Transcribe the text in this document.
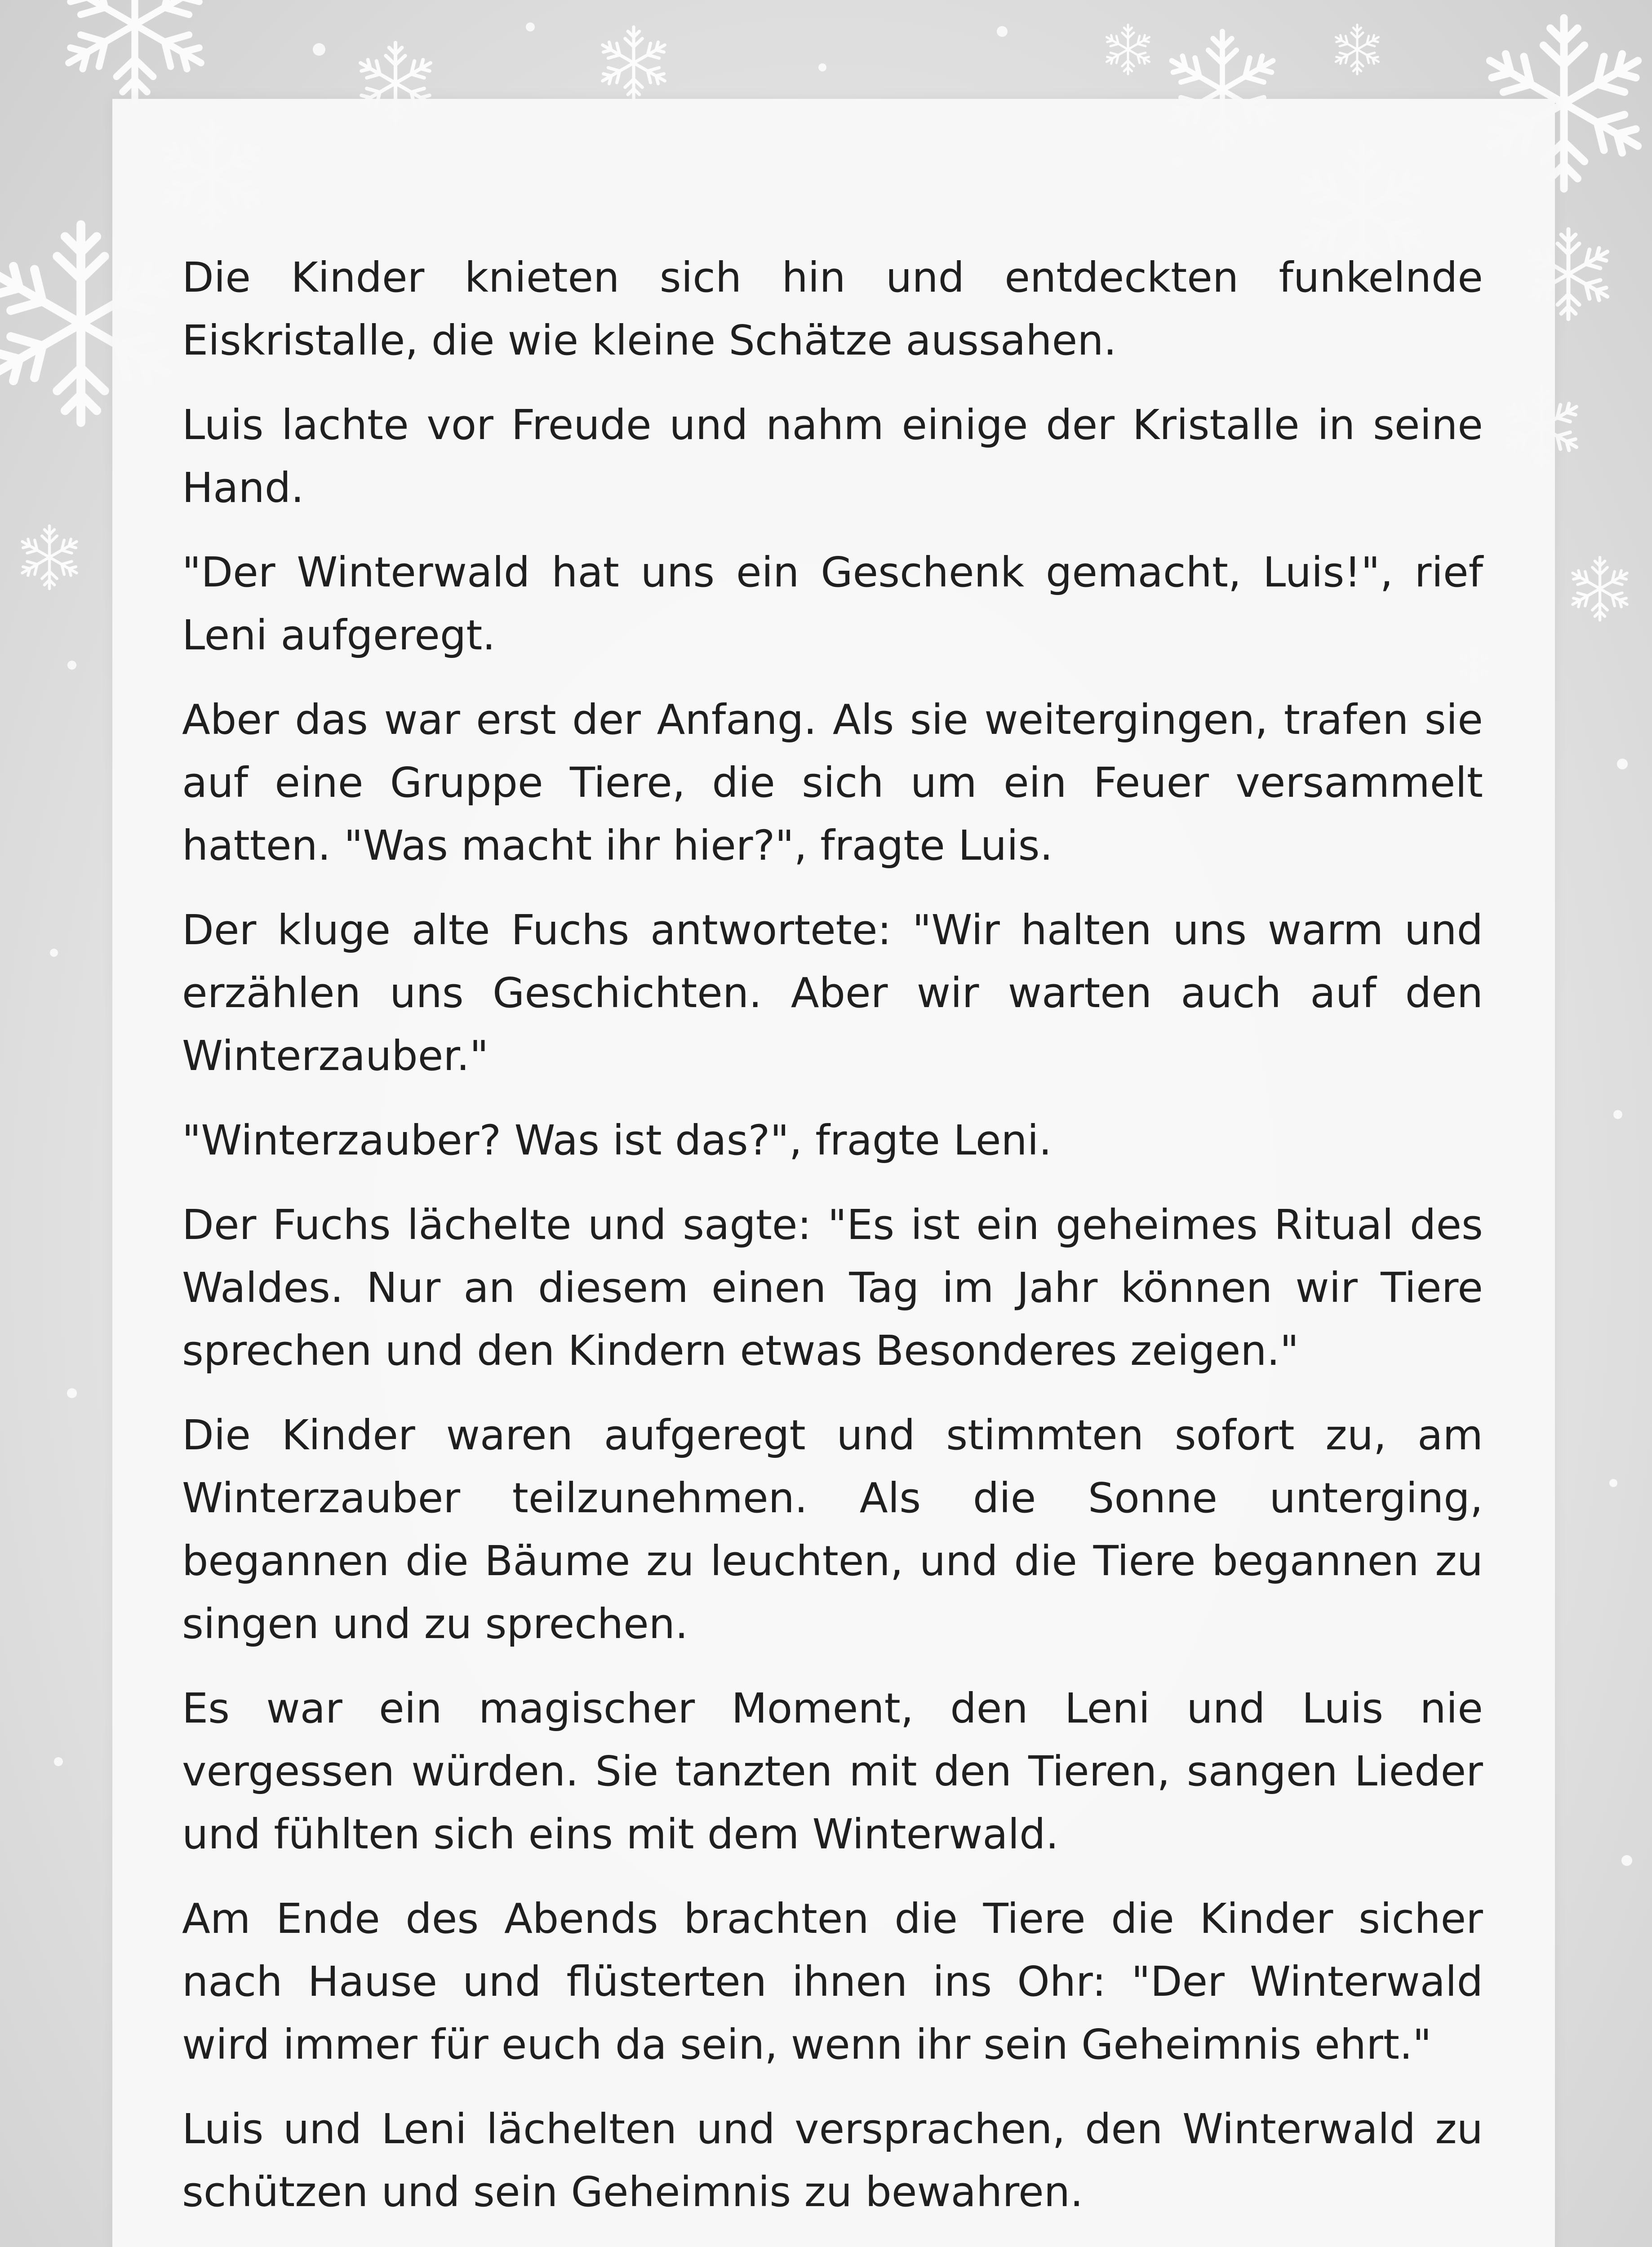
Die Kinder knieten sich hin und entdeckten funkelnde Eiskristalle, die wie kleine Schätze aussahen.

Luis lachte vor Freude und nahm einige der Kristalle in seine Hand.

"Der Winterwald hat uns ein Geschenk gemacht, Luis!", rief Leni aufgeregt.

Aber das war erst der Anfang. Als sie weitergingen, trafen sie auf eine Gruppe Tiere, die sich um ein Feuer versammelt hatten. "Was macht ihr hier?", fragte Luis.

Der kluge alte Fuchs antwortete: "Wir halten uns warm und erzählen uns Geschichten. Aber wir warten auch auf den Winterzauber."

"Winterzauber? Was ist das?", fragte Leni.

Der Fuchs lächelte und sagte: "Es ist ein geheimes Ritual des Waldes. Nur an diesem einen Tag im Jahr können wir Tiere sprechen und den Kindern etwas Besonderes zeigen."

Die Kinder waren aufgeregt und stimmten sofort zu, am Winterzauber teilzunehmen. Als die Sonne unterging, begannen die Bäume zu leuchten, und die Tiere begannen zu singen und zu sprechen.

Es war ein magischer Moment, den Leni und Luis nie vergessen würden. Sie tanzten mit den Tieren, sangen Lieder und fühlten sich eins mit dem Winterwald.

Am Ende des Abends brachten die Tiere die Kinder sicher nach Hause und flüsterten ihnen ins Ohr: "Der Winterwald wird immer für euch da sein, wenn ihr sein Geheimnis ehrt."

Luis und Leni lächelten und versprachen, den Winterwald zu schützen und sein Geheimnis zu bewahren.
